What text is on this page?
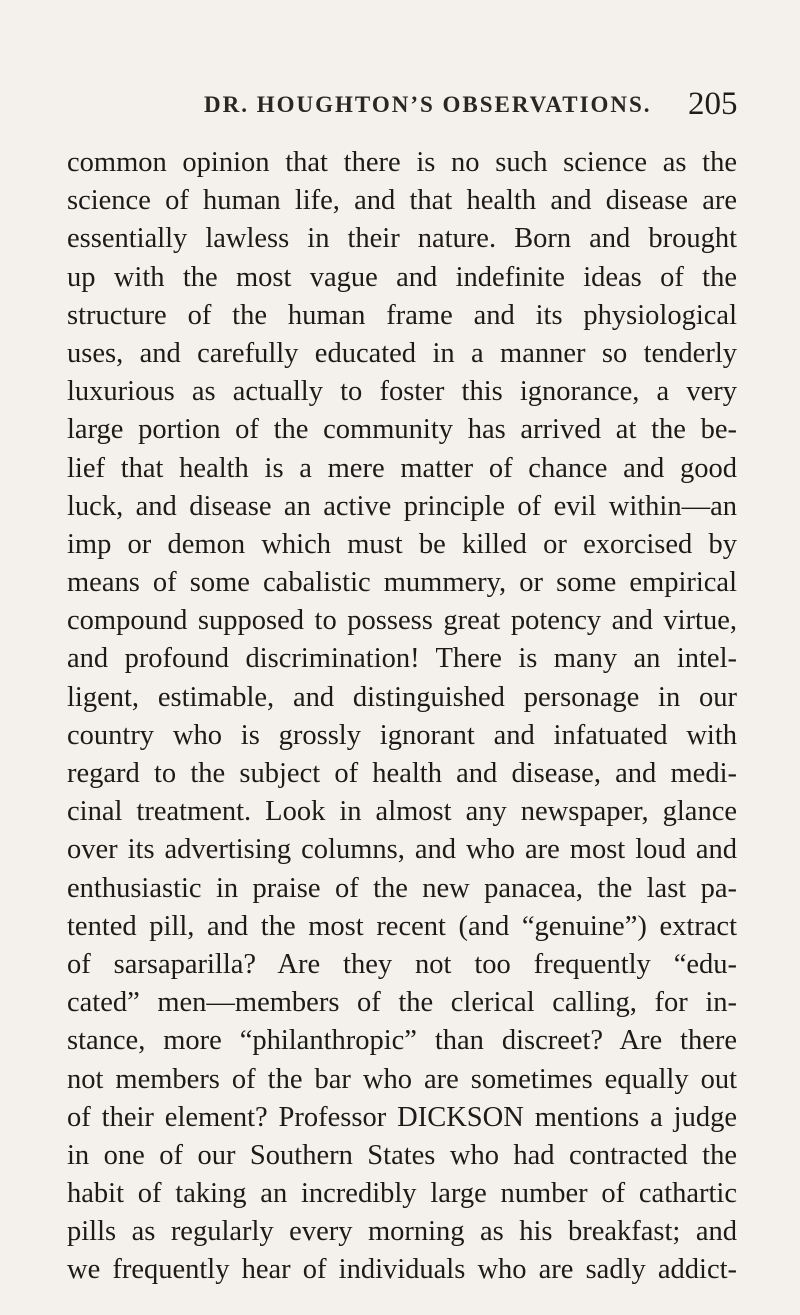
DR. HOUGHTON’S OBSERVATIONS. 205
common opinion that there is no such science as the
science of human life, and that health and disease are
essentially lawless in their nature. Born and brought
up with the most vague and indefinite ideas of the
structure of the human frame and its physiological
uses, and carefully educated in a manner so tenderly
luxurious as actually to foster this ignorance, a very
large portion of the community has arrived at the be-
lief that health is a mere matter of chance and good
luck, and disease an active principle of evil within—an
imp or demon which must be killed or exorcised by
means of some cabalistic mummery, or some empirical
compound supposed to possess great potency and virtue,
and profound discrimination! There is many an intel-
ligent, estimable, and distinguished personage in our
country who is grossly ignorant and infatuated with
regard to the subject of health and disease, and medi-
cinal treatment. Look in almost any newspaper, glance
over its advertising columns, and who are most loud and
enthusiastic in praise of the new panacea, the last pa-
tented pill, and the most recent (and “genuine”) extract
of sarsaparilla? Are they not too frequently “edu-
cated” men—members of the clerical calling, for in-
stance, more “philanthropic” than discreet? Are there
not members of the bar who are sometimes equally out
of their element? Professor DICKSON mentions a judge
in one of our Southern States who had contracted the
habit of taking an incredibly large number of cathartic
pills as regularly every morning as his breakfast; and
we frequently hear of individuals who are sadly addict-
